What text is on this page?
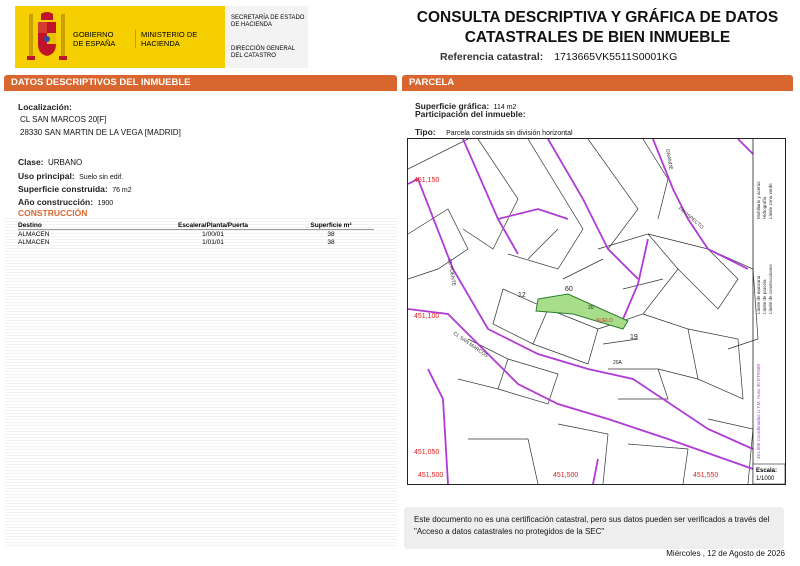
GOBIERNO DE ESPAÑA
MINISTERIO DE HACIENDA
SECRETARÍA DE ESTADO DE HACIENDA
DIRECCIÓN GENERAL DEL CATASTRO
CONSULTA DESCRIPTIVA Y GRÁFICA DE DATOS CATASTRALES DE BIEN INMUEBLE
Referencia catastral: 1713665VK5511S0001KG
DATOS DESCRIPTIVOS DEL INMUEBLE	PARCELA
Localización:
CL SAN MARCOS 20[F]
28330 SAN MARTIN DE LA VEGA [MADRID]
Clase: URBANO
Uso principal: Suelo sin edif.
Superficie construida: 76 m2
Año construcción: 1900
CONSTRUCCIÓN
Destino	Escalera/Planta/Puerta	Superficie m²
ALMACEN	1/00/01	38
ALMACEN	1/01/01	38
Superficie gráfica: 114 m2
Participación del inmueble:
Tipo: Parcela construida sin división horizontal
451,150
451,100
451,050
451,500	451,500	451,550
CL FUENTE
CL SAN MARCOS
PROSPECTO
GRANDE
19
12
60
20A
20
SUELO
Límite de manzana Límite de parcela Límite de construcciones
Mobiliario y aceras Hidrografía Límite zona verde
451,500 Coordenadas U.T.M. Huso 30 ETRS89
Escala:
1/1000
Este documento no es una certificación catastral, pero sus datos pueden ser verificados a través del "Acceso a datos catastrales no protegidos de la SEC"
Miércoles , 12 de Agosto de 2026
